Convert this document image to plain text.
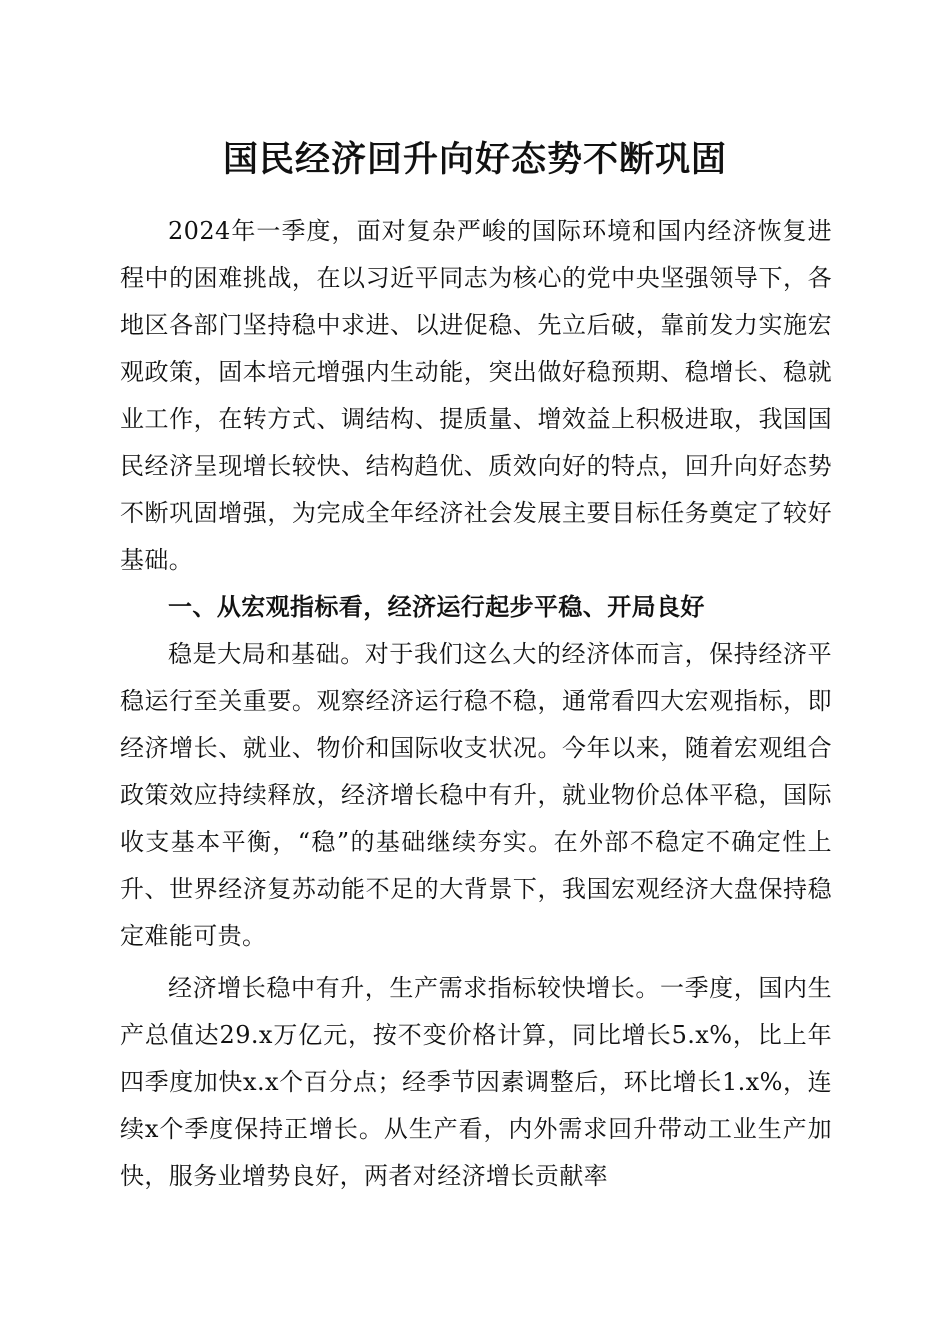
国民经济回升向好态势不断巩固

2024年一季度，面对复杂严峻的国际环境和国内经济恢复进程中的困难挑战，在以习近平同志为核心的党中央坚强领导下，各地区各部门坚持稳中求进、以进促稳、先立后破，靠前发力实施宏观政策，固本培元增强内生动能，突出做好稳预期、稳增长、稳就业工作，在转方式、调结构、提质量、增效益上积极进取，我国国民经济呈现增长较快、结构趋优、质效向好的特点，回升向好态势不断巩固增强，为完成全年经济社会发展主要目标任务奠定了较好基础。

一、从宏观指标看，经济运行起步平稳、开局良好

稳是大局和基础。对于我们这么大的经济体而言，保持经济平稳运行至关重要。观察经济运行稳不稳，通常看四大宏观指标，即经济增长、就业、物价和国际收支状况。今年以来，随着宏观组合政策效应持续释放，经济增长稳中有升，就业物价总体平稳，国际收支基本平衡，“稳”的基础继续夯实。在外部不稳定不确定性上升、世界经济复苏动能不足的大背景下，我国宏观经济大盘保持稳定难能可贵。

经济增长稳中有升，生产需求指标较快增长。一季度，国内生产总值达29.x万亿元，按不变价格计算，同比增长5.x%，比上年四季度加快x.x个百分点；经季节因素调整后，环比增长1.x%，连续x个季度保持正增长。从生产看，内外需求回升带动工业生产加快，服务业增势良好，两者对经济增长贡献率
